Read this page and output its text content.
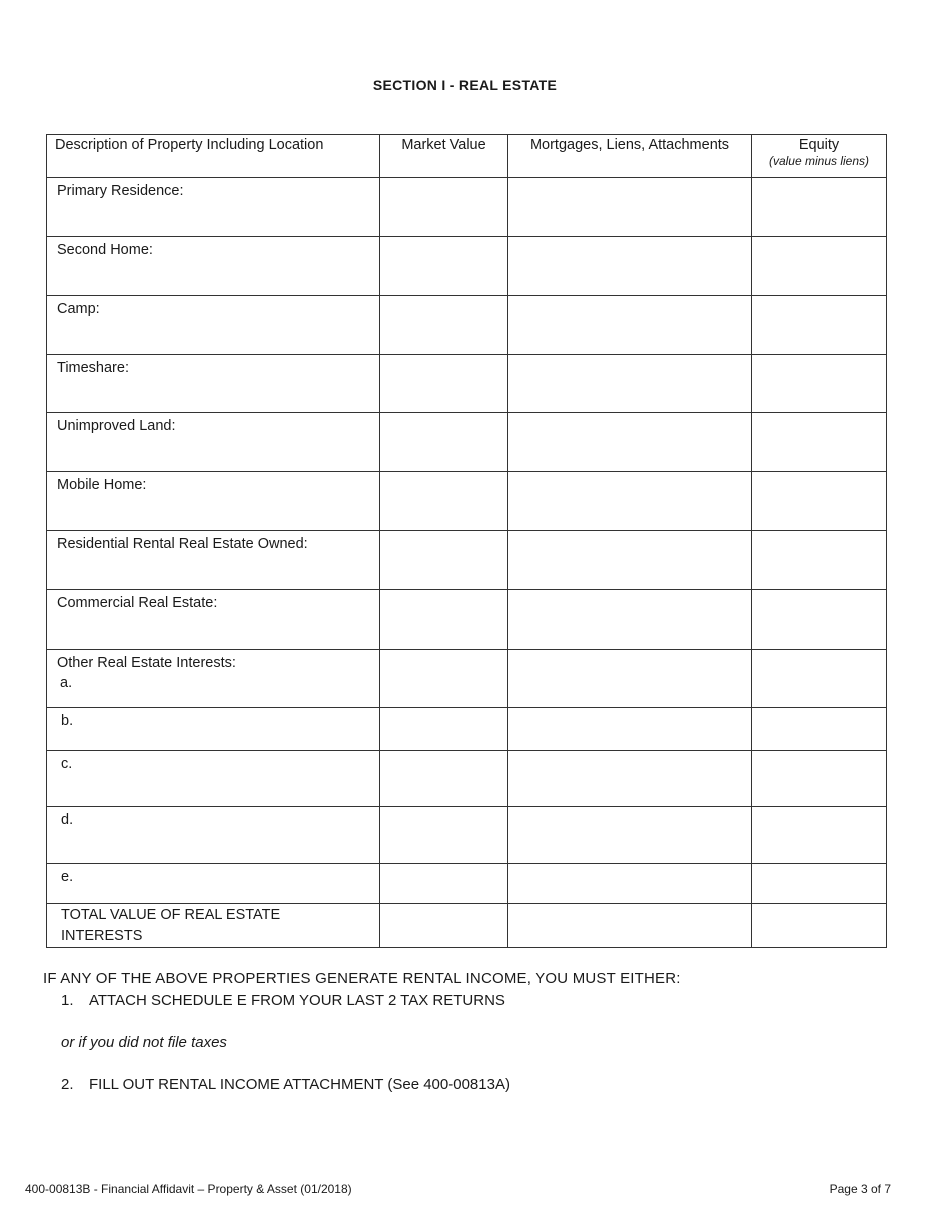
SECTION I - REAL ESTATE
Description of Property Including Location	Market Value	Mortgages, Liens, Attachments	Equity
(value minus liens)

Primary Residence:			
Second Home:			
Camp:			
Timeshare:			
Unimproved Land:			
Mobile Home:			
Residential Rental Real Estate Owned:			
Commercial Real Estate:			

Other Real Estate Interests:
a.			

b.			
c.			
d.			
e.			

TOTAL VALUE OF REAL ESTATE
INTERESTS			

IF ANY OF THE ABOVE PROPERTIES GENERATE RENTAL INCOME, YOU MUST EITHER:
1. ATTACH SCHEDULE E FROM YOUR LAST 2 TAX RETURNS
or if you did not file taxes
2. FILL OUT RENTAL INCOME ATTACHMENT (See 400-00813A)
400-00813B - Financial Affidavit – Property & Asset (01/2018)	Page 3 of 7
